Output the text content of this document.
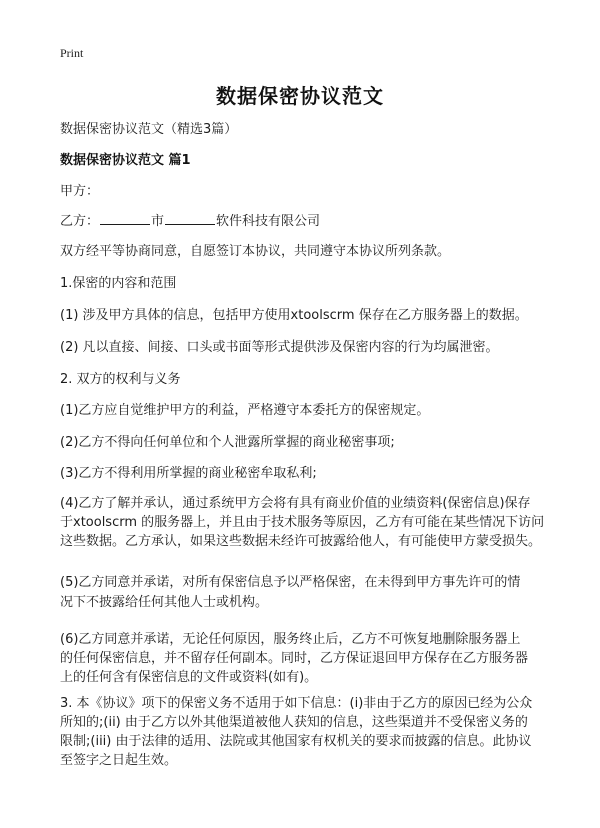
Print
数据保密协议范文
数据保密协议范文（精选3篇）
数据保密协议范文 篇1
甲方：
乙方：	市	软件科技有限公司
双方经平等协商同意，自愿签订本协议，共同遵守本协议所列条款。
1.保密的内容和范围
(1) 涉及甲方具体的信息，包括甲方使用xtoolscrm 保存在乙方服务器上的数据。
(2) 凡以直接、间接、口头或书面等形式提供涉及保密内容的行为均属泄密。
2. 双方的权利与义务
(1)乙方应自觉维护甲方的利益，严格遵守本委托方的保密规定。
(2)乙方不得向任何单位和个人泄露所掌握的商业秘密事项;
(3)乙方不得利用所掌握的商业秘密牟取私利;
(4)乙方了解并承认，通过系统甲方会将有具有商业价值的业绩资料(保密信息)保存
于xtoolscrm 的服务器上，并且由于技术服务等原因，乙方有可能在某些情况下访问
这些数据。乙方承认，如果这些数据未经许可披露给他人，有可能使甲方蒙受损失。
(5)乙方同意并承诺，对所有保密信息予以严格保密，在未得到甲方事先许可的情
况下不披露给任何其他人士或机构。
(6)乙方同意并承诺，无论任何原因，服务终止后，乙方不可恢复地删除服务器上
的任何保密信息，并不留存任何副本。同时，乙方保证退回甲方保存在乙方服务器
上的任何含有保密信息的文件或资料(如有)。
3. 本《协议》项下的保密义务不适用于如下信息：(i)非由于乙方的原因已经为公众
所知的;(ii) 由于乙方以外其他渠道被他人获知的信息，这些渠道并不受保密义务的
限制;(iii) 由于法律的适用、法院或其他国家有权机关的要求而披露的信息。此协议
至签字之日起生效。
